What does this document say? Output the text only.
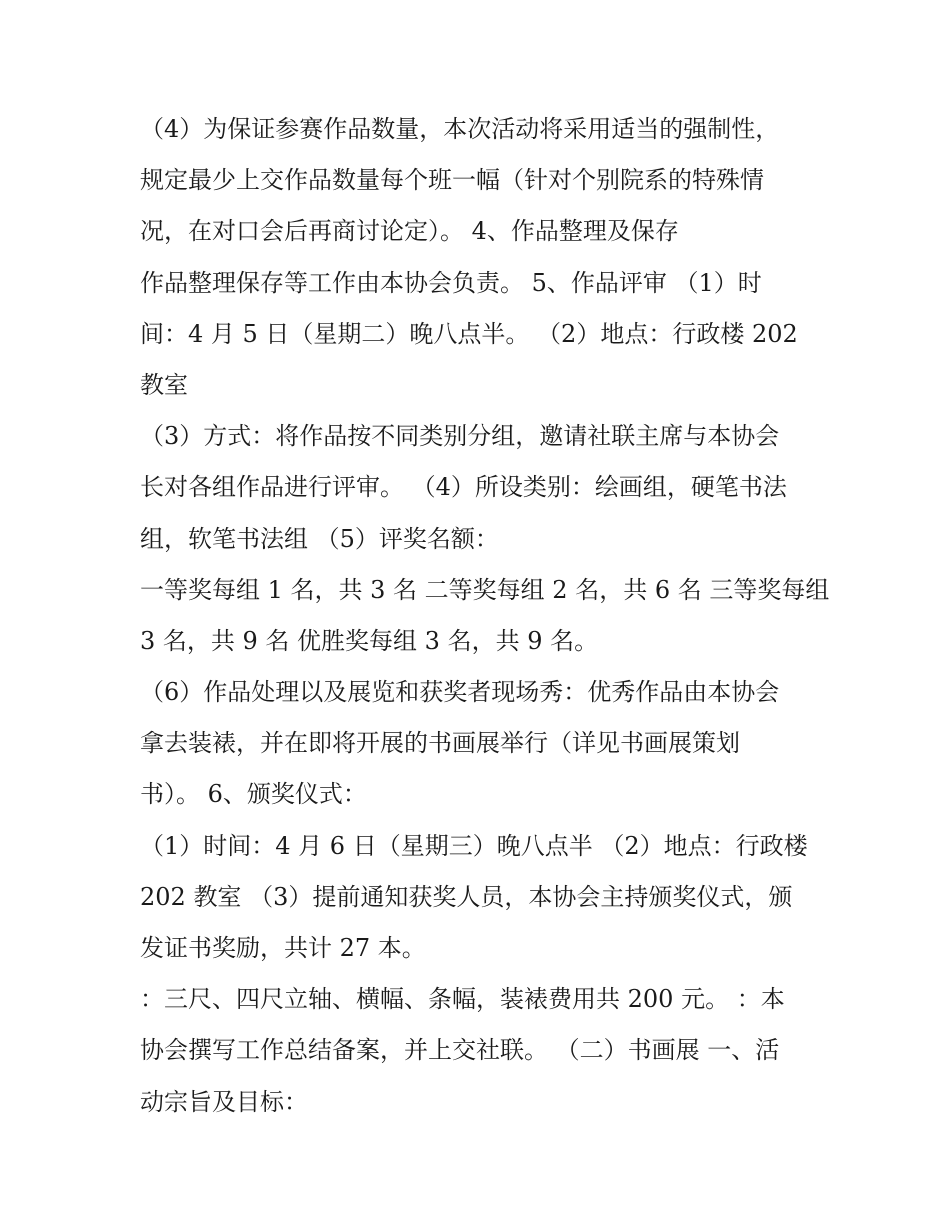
（4）为保证参赛作品数量，本次活动将采用适当的强制性，
规定最少上交作品数量每个班一幅（针对个别院系的特殊情
况，在对口会后再商讨论定）。 4、作品整理及保存
作品整理保存等工作由本协会负责。 5、作品评审 （1）时
间：4 月 5 日（星期二）晚八点半。 （2）地点：行政楼 202
教室
（3）方式：将作品按不同类别分组，邀请社联主席与本协会
长对各组作品进行评审。 （4）所设类别：绘画组，硬笔书法
组，软笔书法组 （5）评奖名额：
一等奖每组 1 名，共 3 名 二等奖每组 2 名，共 6 名 三等奖每组
3 名，共 9 名 优胜奖每组 3 名，共 9 名。
（6）作品处理以及展览和获奖者现场秀：优秀作品由本协会
拿去装裱，并在即将开展的书画展举行（详见书画展策划
书）。 6、颁奖仪式：
（1）时间：4 月 6 日（星期三）晚八点半 （2）地点：行政楼
202 教室 （3）提前通知获奖人员，本协会主持颁奖仪式，颁
发证书奖励，共计 27 本。
：三尺、四尺立轴、横幅、条幅，装裱费用共 200 元。 ：本
协会撰写工作总结备案，并上交社联。 （二）书画展 一、活
动宗旨及目标：
